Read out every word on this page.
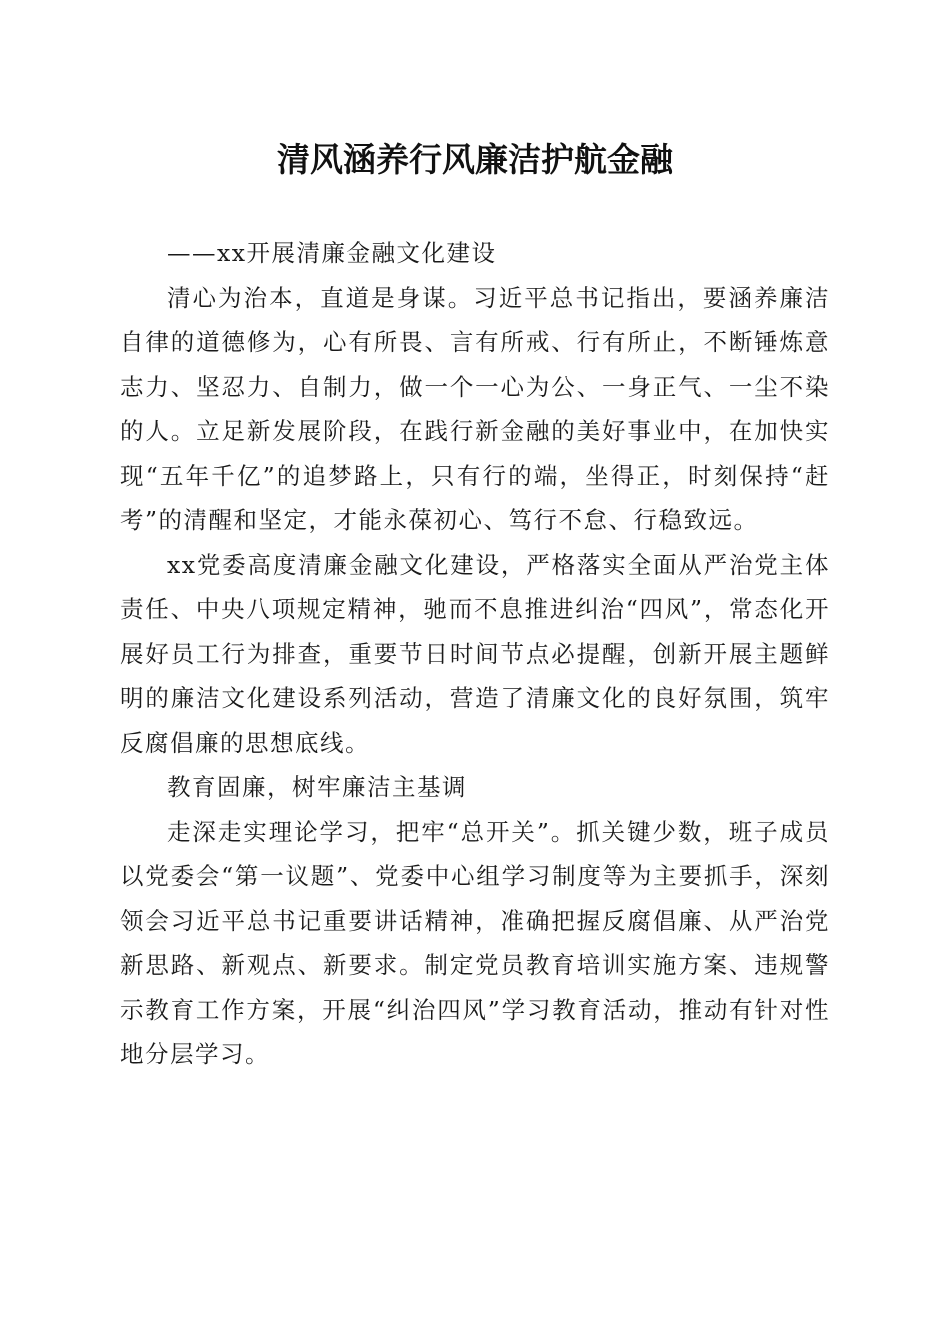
清风涵养行风廉洁护航金融

——xx开展清廉金融文化建设

清心为治本，直道是身谋。习近平总书记指出，要涵养廉洁自律的道德修为，心有所畏、言有所戒、行有所止，不断锤炼意志力、坚忍力、自制力，做一个一心为公、一身正气、一尘不染的人。立足新发展阶段，在践行新金融的美好事业中，在加快实现“五年千亿”的追梦路上，只有行的端，坐得正，时刻保持“赶考”的清醒和坚定，才能永葆初心、笃行不怠、行稳致远。

xx党委高度清廉金融文化建设，严格落实全面从严治党主体责任、中央八项规定精神，驰而不息推进纠治“四风”，常态化开展好员工行为排查，重要节日时间节点必提醒，创新开展主题鲜明的廉洁文化建设系列活动，营造了清廉文化的良好氛围，筑牢反腐倡廉的思想底线。

教育固廉，树牢廉洁主基调

走深走实理论学习，把牢“总开关”。抓关键少数，班子成员以党委会“第一议题”、党委中心组学习制度等为主要抓手，深刻领会习近平总书记重要讲话精神，准确把握反腐倡廉、从严治党新思路、新观点、新要求。制定党员教育培训实施方案、违规警示教育工作方案，开展“纠治四风”学习教育活动，推动有针对性地分层学习。
